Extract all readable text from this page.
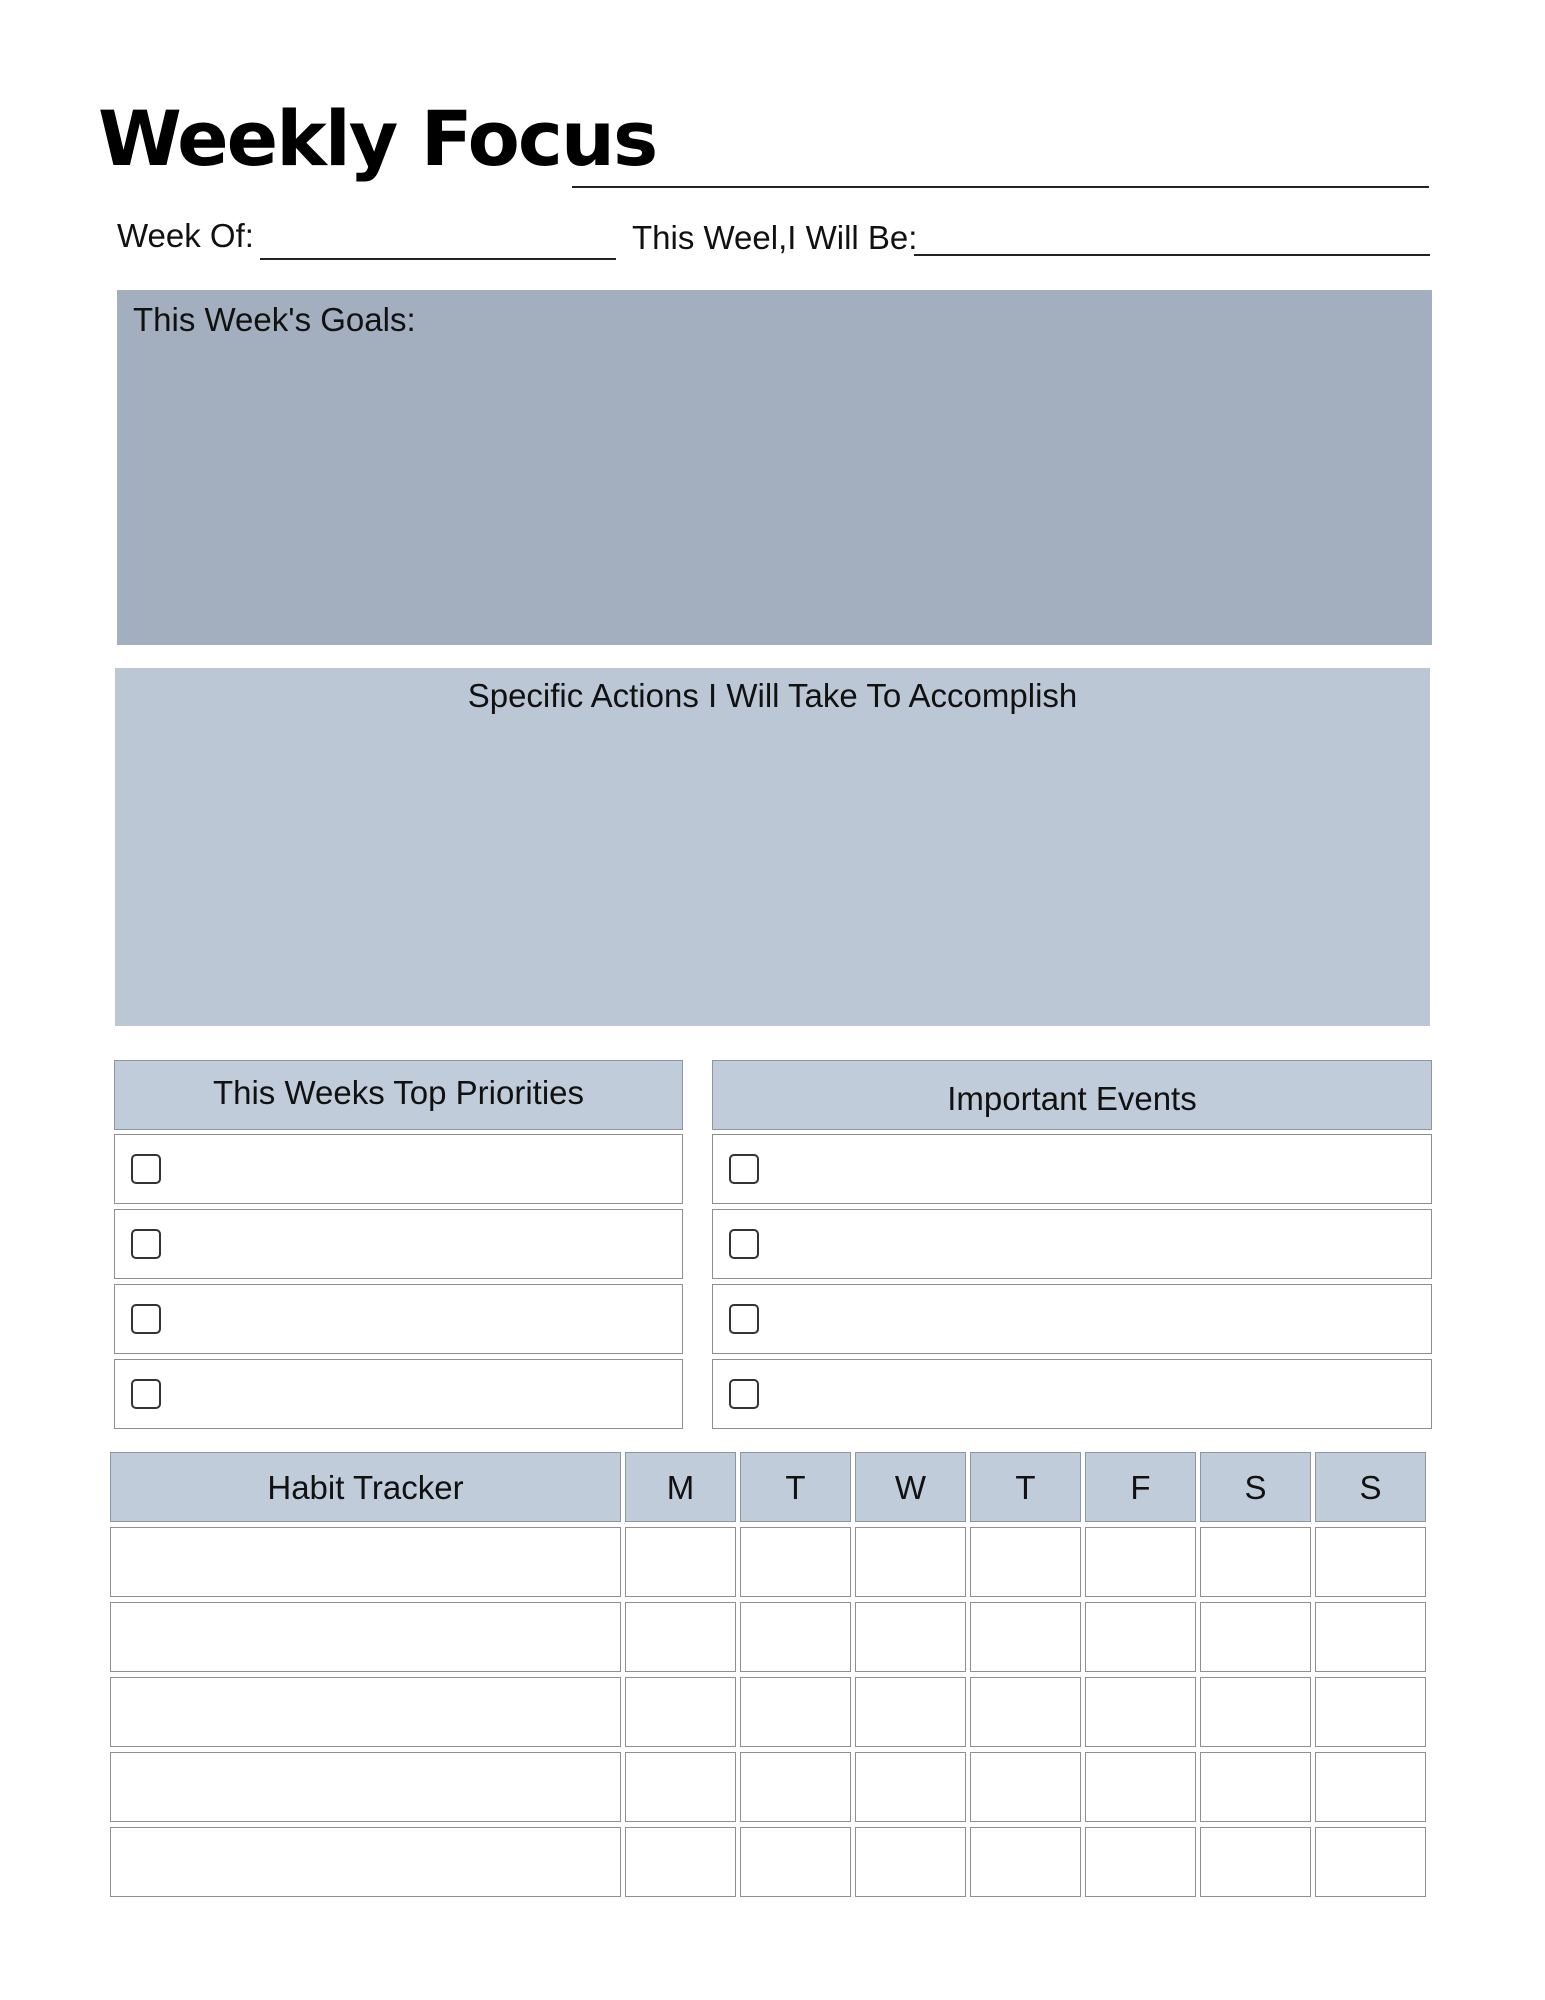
Weekly Focus
Week Of:	This Weel,I Will Be:
This Week's Goals:
Specific Actions I Will Take To Accomplish
This Weeks Top Priorities	Important Events
Habit Tracker	M	T	W	T	F	S	S
